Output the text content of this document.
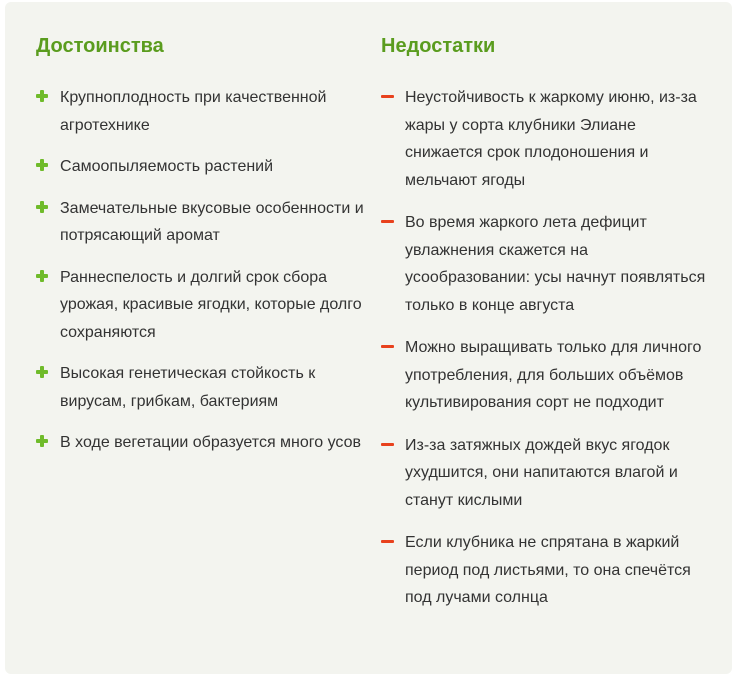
Достоинства
Крупноплодность при качественной агротехнике
Самоопыляемость растений
Замечательные вкусовые особенности и потрясающий аромат
Раннеспелость и долгий срок сбора урожая, красивые ягодки, которые долго сохраняются
Высокая генетическая стойкость к вирусам, грибкам, бактериям
В ходе вегетации образуется много усов
Недостатки
Неустойчивость к жаркому июню, из-за жары у сорта клубники Элиане снижается срок плодоношения и мельчают ягоды
Во время жаркого лета дефицит увлажнения скажется на усообразовании: усы начнут появляться только в конце августа
Можно выращивать только для личного употребления, для больших объёмов культивирования сорт не подходит
Из-за затяжных дождей вкус ягодок ухудшится, они напитаются влагой и станут кислыми
Если клубника не спрятана в жаркий период под листьями, то она спечётся под лучами солнца
